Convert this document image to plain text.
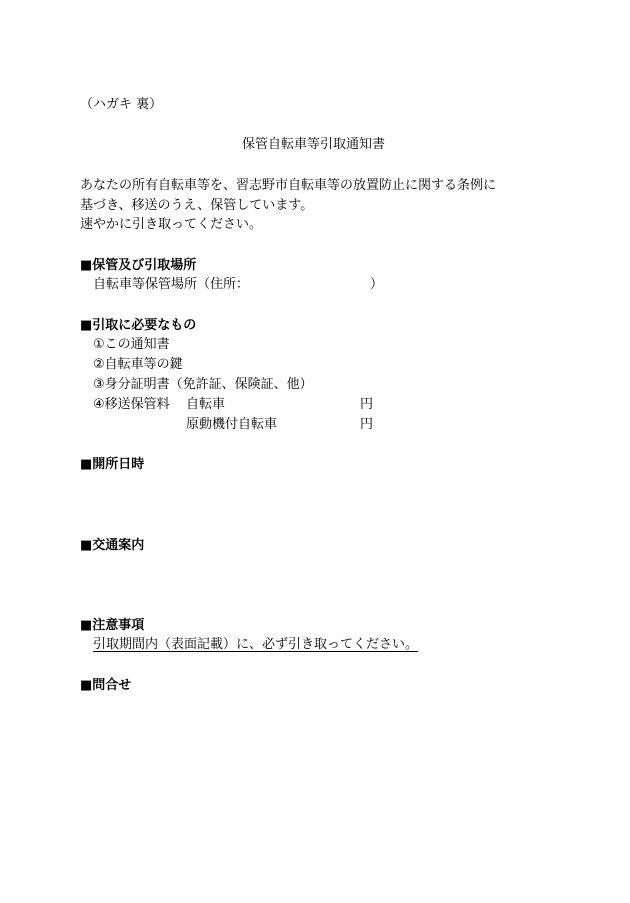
（ハガキ 裏）
保管自転車等引取通知書
あなたの所有自転車等を、習志野市自転車等の放置防止に関する条例に
基づき、移送のうえ、保管しています。
速やかに引き取ってください。
■保管及び引取場所
自転車等保管場所（住所：	）
■引取に必要なもの
①この通知書
②自転車等の鍵
③身分証明書（免許証、保険証、他）
④移送保管料 自転車	円
原動機付自転車	円
■開所日時
■交通案内
■注意事項
引取期間内（表面記載）に、必ず引き取ってください。
■問合せ
